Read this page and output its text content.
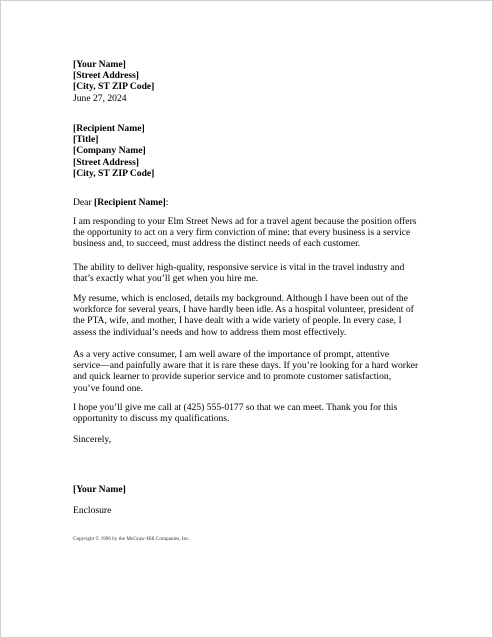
[Your Name]
[Street Address]
[City, ST ZIP Code]
June 27, 2024
[Recipient Name]
[Title]
[Company Name]
[Street Address]
[City, ST ZIP Code]
Dear [Recipient Name]:

I am responding to your Elm Street News ad for a travel agent because the position offers
the opportunity to act on a very firm conviction of mine: that every business is a service
business and, to succeed, must address the distinct needs of each customer.

The ability to deliver high-quality, responsive service is vital in the travel industry and
that’s exactly what you’ll get when you hire me.

My resume, which is enclosed, details my background. Although I have been out of the
workforce for several years, I have hardly been idle. As a hospital volunteer, president of
the PTA, wife, and mother, I have dealt with a wide variety of people. In every case, I
assess the individual’s needs and how to address them most effectively.

As a very active consumer, I am well aware of the importance of prompt, attentive
service—and painfully aware that it is rare these days. If you’re looking for a hard worker
and quick learner to provide superior service and to promote customer satisfaction,
you’ve found one.

I hope you’ll give me call at (425) 555-0177 so that we can meet. Thank you for this
opportunity to discuss my qualifications.

Sincerely,
[Your Name]
Enclosure
Copyright © 1996 by the McGraw-Hill Companies, Inc.
